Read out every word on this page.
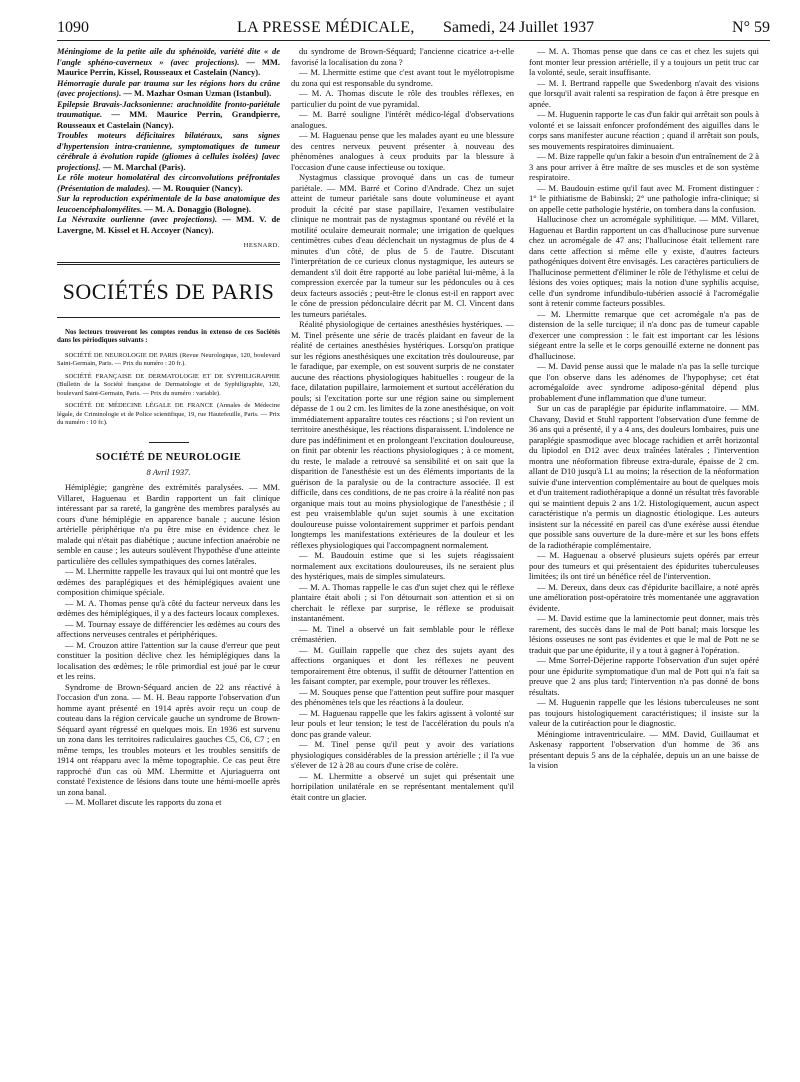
1090	LA PRESSE MÉDICALE, Samedi, 24 Juillet 1937	N° 59

Méningiome de la petite aile du sphénoïde, variété dite « de l'angle sphéno-caverneux » (avec projections). — MM. Maurice Perrin, Kissel, Rousseaux et Castelain (Nancy).

Hémorragie durale par trauma sur les régions hors du crâne (avec projections). — M. Mazhar Osman Uzman (Istanbul).

Epilepsie Bravais-Jacksonienne: arachnoïdite fronto-pariétale traumatique. — MM. Maurice Perrin, Grandpierre, Rousseaux et Castelain (Nancy).

Troubles moteurs déficitaires bilatéraux, sans signes d'hypertension intra-cranienne, symptomatiques de tumeur cérébrale à évolution rapide (gliomes à cellules isolées) [avec projections]. — M. Marchal (Paris).

Le rôle moteur homolatéral des circonvolutions préfrontales (Présentation de malades). — M. Rouquier (Nancy).

Sur la reproduction expérimentale de la base anatomique des leucoencéphalomyélites. — M. A. Donaggio (Bologne).

La Névraxite ourlienne (avec projections). — MM. V. de Lavergne, M. Kissel et H. Accoyer (Nancy).

HESNARD.
SOCIÉTÉS DE PARIS

Nos lecteurs trouveront les comptes rendus in extenso de ces Sociétés dans les périodiques suivants :

SOCIÉTÉ DE NEUROLOGIE DE PARIS (Revue Neurologique, 120, boulevard Saint-Germain, Paris. — Prix du numéro : 20 fr.).

SOCIÉTÉ FRANÇAISE DE DERMATOLOGIE ET DE SYPHILIGRAPHIE (Bulletin de la Société française de Dermatologie et de Syphiligraphie, 120, boulevard Saint-Germain, Paris. — Prix du numéro : variable).

SOCIÉTÉ DE MÉDECINE LÉGALE DE FRANCE (Annales de Médecine légale, de Criminologie et de Police scientifique, 19, rue Hautefeuille, Paris. — Prix du numéro : 10 fr.).

SOCIÉTÉ DE NEUROLOGIE
8 Avril 1937.

Hémiplégie; gangrène des extrémités paralysées. — MM. Villaret, Haguenau et Bardin rapportent un fait clinique intéressant par sa rareté, la gangrène des membres paralysés au cours d'une hémiplégie en apparence banale ; aucune lésion artérielle périphérique n'a pu être mise en évidence chez le malade qui n'était pas diabétique ; aucune infection anaérobie ne semble en cause ; les auteurs soulèvent l'hypothèse d'une atteinte particulière des cellules sympathiques des cornes latérales.

— M. Lhermitte rappelle les travaux qui lui ont montré que les œdèmes des paraplégiques et des hémiplégiques avaient une composition chimique spéciale.

— M. A. Thomas pense qu'à côté du facteur nerveux dans les œdèmes des hémiplégiques, il y a des facteurs locaux complexes.

— M. Tournay essaye de différencier les œdèmes au cours des affections nerveuses centrales et périphériques.

— M. Crouzon attire l'attention sur la cause d'erreur que peut constituer la position déclive chez les hémiplégiques dans la localisation des œdèmes; le rôle primordial est joué par le cœur et les reins.

Syndrome de Brown-Séquard ancien de 22 ans réactivé à l'occasion d'un zona. — M. H. Beau rapporte l'observation d'un homme ayant présenté en 1914 après avoir reçu un coup de couteau dans la région cervicale gauche un syndrome de Brown-Séquard ayant régressé en quelques mois. En 1936 est survenu un zona dans les territoires radiculaires gauches C5, C6, C7 ; en même temps, les troubles moteurs et les troubles sensitifs de 1914 ont réapparu avec la même topographie. Ce cas peut être rapproché d'un cas où MM. Lhermitte et Ajuriaguerra ont constaté l'existence de lésions dans toute une hémi-moelle après un zona banal.

— M. Mollaret discute les rapports du zona et

du syndrome de Brown-Séquard; l'ancienne cicatrice a-t-elle favorisé la localisation du zona ?

— M. Lhermitte estime que c'est avant tout le myélotropisme du zona qui est responsable du syndrome.

— M. A. Thomas discute le rôle des troubles réflexes, en particulier du point de vue pyramidal.

— M. Barré souligne l'intérêt médico-légal d'observations analogues.

— M. Haguenau pense que les malades ayant eu une blessure des centres nerveux peuvent présenter à nouveau des phénomènes analogues à ceux produits par la blessure à l'occasion d'une cause infectieuse ou toxique.

Nystagmus classique provoqué dans un cas de tumeur pariétale. — MM. Barré et Corino d'Andrade. Chez un sujet atteint de tumeur pariétale sans doute volumineuse et ayant produit la cécité par stase papillaire, l'examen vestibulaire clinique ne montrait pas de nystagmus spontané ou révélé et la motilité oculaire demeurait normale; une irrigation de quelques centimètres cubes d'eau déclenchait un nystagmus de plus de 4 minutes d'un côté, de plus de 5 de l'autre. Discutant l'interprétation de ce curieux clonus nystagmique, les auteurs se demandent s'il doit être rapporté au lobe pariétal lui-même, à la compression exercée par la tumeur sur les pédoncules ou à ces deux facteurs associés ; peut-être le clonus est-il en rapport avec le cône de pression pédonculaire décrit par M. Cl. Vincent dans les tumeurs pariétales.

Réalité physiologique de certaines anesthésies hystériques. — M. Tinel présente une série de tracés plaidant en faveur de la réalité de certaines anesthésies hystériques. Lorsqu'on pratique sur les régions anesthésiques une excitation très douloureuse, par le faradique, par exemple, on est souvent surpris de ne constater aucune des réactions physiologiques habituelles : rougeur de la face, dilatation pupillaire, larmoiement et surtout accélération du pouls; si l'excitation porte sur une région saine ou simplement dépasse de 1 ou 2 cm. les limites de la zone anesthésique, on voit immédiatement apparaître toutes ces réactions ; si l'on revient un territoire anesthésique, les réactions disparaissent. L'indolence ne dure pas indéfiniment et en prolongeant l'excitation douloureuse, on finit par obtenir les réactions physiologiques ; à ce moment, du reste, le malade a retrouvé sa sensibilité et on sait que la disparition de l'anesthésie est un des éléments importants de la guérison de la paralysie ou de la contracture associée. Il est difficile, dans ces conditions, de ne pas croire à la réalité non pas organique mais tout au moins physiologique de l'anesthésie ; il est peu vraisemblable qu'un sujet soumis à une excitation douloureuse puisse volontairement supprimer et parfois pendant longtemps les manifestations extérieures de la douleur et les réflexes physiologiques qui l'accompagnent normalement.

— M. Baudouin estime que si les sujets réagissaient normalement aux excitations douloureuses, ils ne seraient plus des hystériques, mais de simples simulateurs.

— M. A. Thomas rappelle le cas d'un sujet chez qui le réflexe plantaire était aboli ; si l'on détournait son attention et si on cherchait le réflexe par surprise, le réflexe se produisait instantanément.

— M. Tinel a observé un fait semblable pour le réflexe crémastérien.

— M. Guillain rappelle que chez des sujets ayant des affections organiques et dont les réflexes ne peuvent temporairement être obtenus, il suffit de détourner l'attention en les faisant compter, par exemple, pour trouver les réflexes.

— M. Souques pense que l'attention peut suffire pour masquer des phénomènes tels que les réactions à la douleur.

— M. Haguenau rappelle que les fakirs agissent à volonté sur leur pouls et leur tension; le test de l'accélération du pouls n'a donc pas grande valeur.

— M. Tinel pense qu'il peut y avoir des variations physiologiques considérables de la pression artérielle ; il l'a vue s'élever de 12 à 28 au cours d'une crise de colère.

— M. Lhermitte a observé un sujet qui présentait une horripilation unilatérale en se représentant mentalement qu'il était contre un glacier.

— M. A. Thomas pense que dans ce cas et chez les sujets qui font monter leur pression artérielle, il y a toujours un petit truc car la volonté, seule, serait insuffisante.

— M. I. Bertrand rappelle que Swedenborg n'avait des visions que lorsqu'il avait ralenti sa respiration de façon à être presque en apnée.

— M. Huguenin rapporte le cas d'un fakir qui arrêtait son pouls à volonté et se laissait enfoncer profondément des aiguilles dans le corps sans manifester aucune réaction ; quand il arrêtait son pouls, ses mouvements respiratoires diminuaient.

— M. Bize rappelle qu'un fakir a besoin d'un entraînement de 2 à 3 ans pour arriver à être maître de ses muscles et de son système respiratoire.

— M. Baudouin estime qu'il faut avec M. Froment distinguer : 1° le pithiatisme de Babinski; 2° une pathologie infra-clinique; si on appelle cette pathologie hystérie, on tombera dans la confusion.

Hallucinose chez un acromégale syphilitique. — MM. Villaret, Haguenau et Bardin rapportent un cas d'hallucinose pure survenue chez un acromégale de 47 ans; l'hallucinose était tellement rare dans cette affection si même elle y existe, d'autres facteurs pathogéniques doivent être envisagés. Les caractères particuliers de l'hallucinose permettent d'éliminer le rôle de l'éthylisme et celui de lésions des voies optiques; mais la notion d'une syphilis acquise, celle d'un syndrome infundibulo-tubérien associé à l'acromégalie sont à retenir comme facteurs possibles.

— M. Lhermitte remarque que cet acromégale n'a pas de distension de la selle turcique; il n'a donc pas de tumeur capable d'exercer une compression : le fait est important car les lésions siégeant entre la selle et le corps genouillé externe ne donnent pas d'hallucinose.

— M. David pense aussi que le malade n'a pas la selle turcique que l'on observe dans les adénomes de l'hypophyse; cet état acromégaloïde avec syndrome adiposo-génital dépend plus probablement d'une inflammation que d'une tumeur.

Sur un cas de paraplégie par épidurite inflammatoire. — MM. Chavany, David et Stuhl rapportent l'observation d'une femme de 36 ans qui a présenté, il y a 4 ans, des douleurs lombaires, puis une paraplégie spasmodique avec blocage rachidien et arrêt horizontal du lipiodol en D12 avec deux traînées latérales ; l'intervention montra une néoformation fibreuse extra-durale, épaisse de 2 cm. allant de D10 jusqu'à L1 au moins; la résection de la néoformation suivie d'une intervention complémentaire au bout de quelques mois et d'un traitement radiothérapique a donné un résultat très favorable qui se maintient depuis 2 ans 1/2. Histologiquement, aucun aspect caractéristique n'a permis un diagnostic étiologique. Les auteurs insistent sur la nécessité en pareil cas d'une exérèse aussi étendue que possible sans ouverture de la dure-mère et sur les bons effets de la radiothérapie complémentaire.

— M. Haguenau a observé plusieurs sujets opérés par erreur pour des tumeurs et qui présentaient des épidurites tuberculeuses limitées; ils ont tiré un bénéfice réel de l'intervention.

— M. Dereux, dans deux cas d'épidurite bacillaire, a noté après une amélioration post-opératoire très momentanée une aggravation évidente.

— M. David estime que la laminectomie peut donner, mais très rarement, des succès dans le mal de Pott banal; mais lorsque les lésions osseuses ne sont pas évidentes et que le mal de Pott ne se traduit que par une épidurite, il y a tout à gagner à l'opération.

— Mme Sorrel-Déjerine rapporte l'observation d'un sujet opéré pour une épidurite symptomatique d'un mal de Pott qui n'a fait sa preuve que 2 ans plus tard; l'intervention n'a pas donné de bons résultats.

— M. Huguenin rappelle que les lésions tuberculeuses ne sont pas toujours histologiquement caractéristiques; il insiste sur la valeur de la cutiréaction pour le diagnostic.

Méningiome intraventriculaire. — MM. David, Guillaumat et Askenasy rapportent l'observation d'un homme de 36 ans présentant depuis 5 ans de la céphalée, depuis un an une baisse de la vision
